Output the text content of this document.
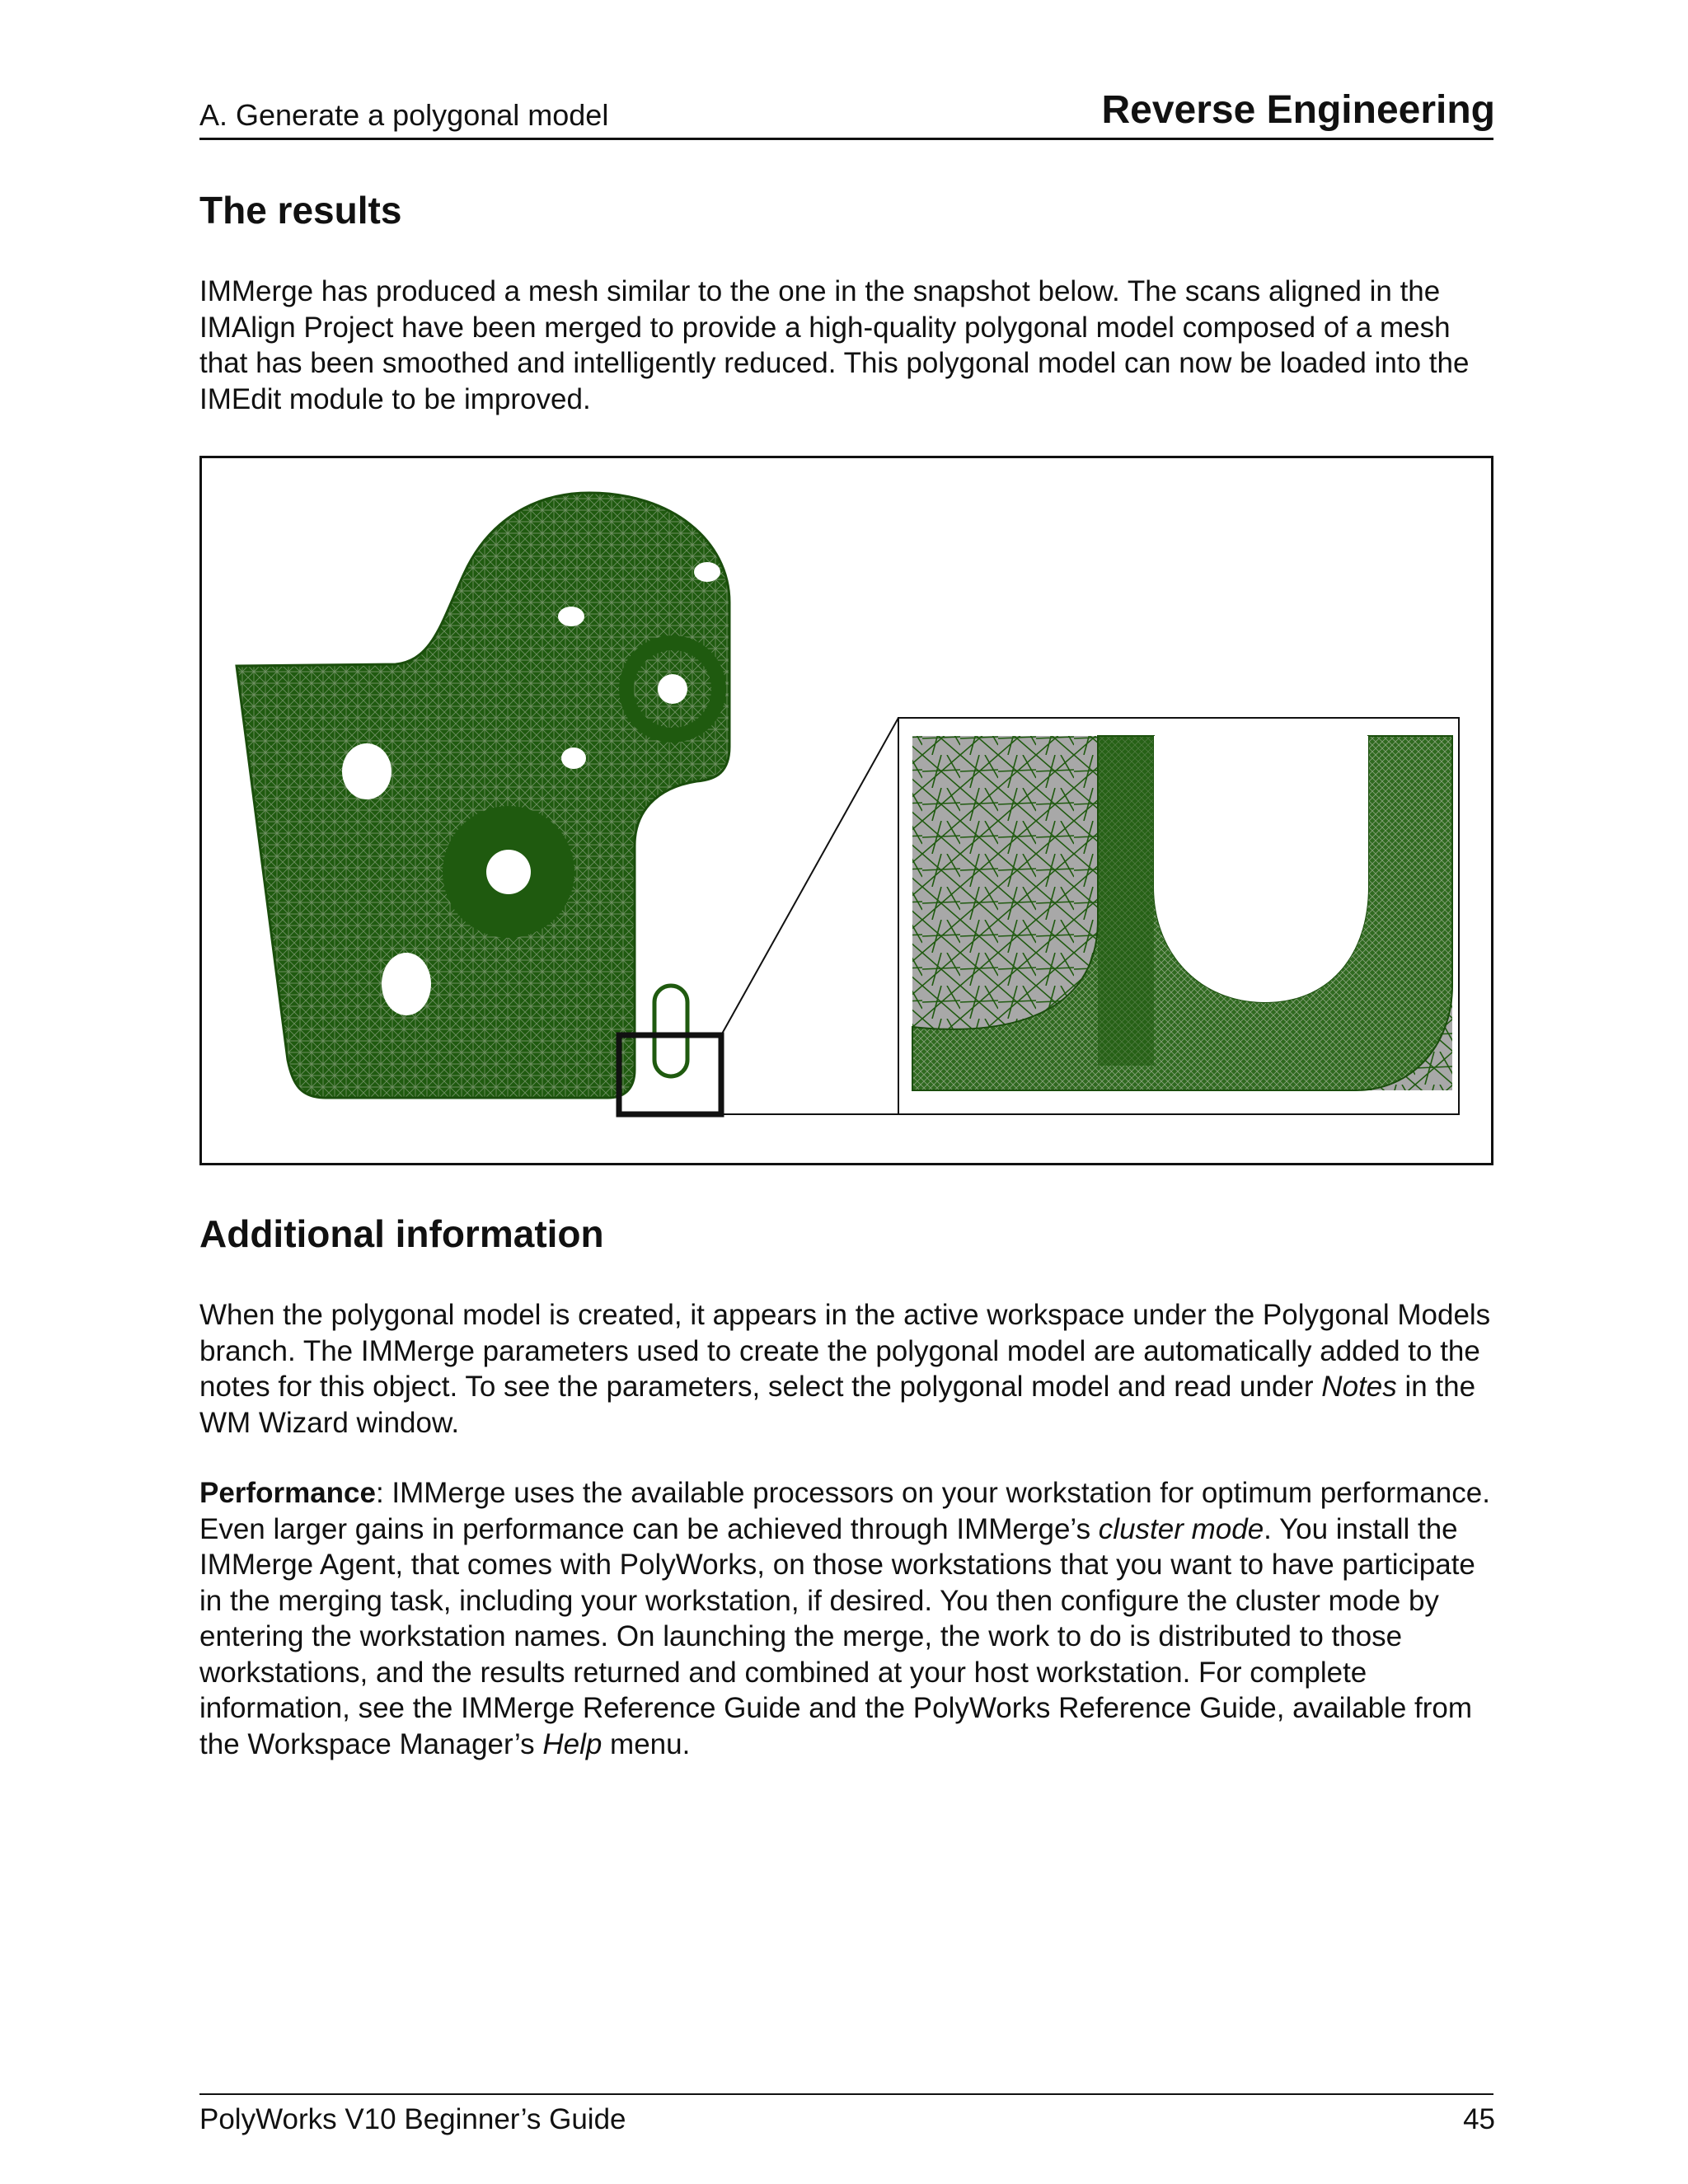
A. Generate a polygonal model	Reverse Engineering
The results

IMMerge has produced a mesh similar to the one in the snapshot below. The scans aligned in the IMAlign Project have been merged to provide a high-quality polygonal model composed of a mesh that has been smoothed and intelligently reduced. This polygonal model can now be loaded into the IMEdit module to be improved.

Additional information

When the polygonal model is created, it appears in the active workspace under the Polygonal Models branch. The IMMerge parameters used to create the polygonal model are automatically added to the notes for this object. To see the parameters, select the polygonal model and read under Notes in the WM Wizard window.

Performance: IMMerge uses the available processors on your workstation for optimum performance. Even larger gains in performance can be achieved through IMMerge’s cluster mode. You install the IMMerge Agent, that comes with PolyWorks, on those workstations that you want to have participate in the merging task, including your workstation, if desired. You then configure the cluster mode by entering the workstation names. On launching the merge, the work to do is distributed to those workstations, and the results returned and combined at your host workstation. For complete information, see the IMMerge Reference Guide and the PolyWorks Reference Guide, available from the Workspace Manager’s Help menu.

PolyWorks V10 Beginner’s Guide	45
